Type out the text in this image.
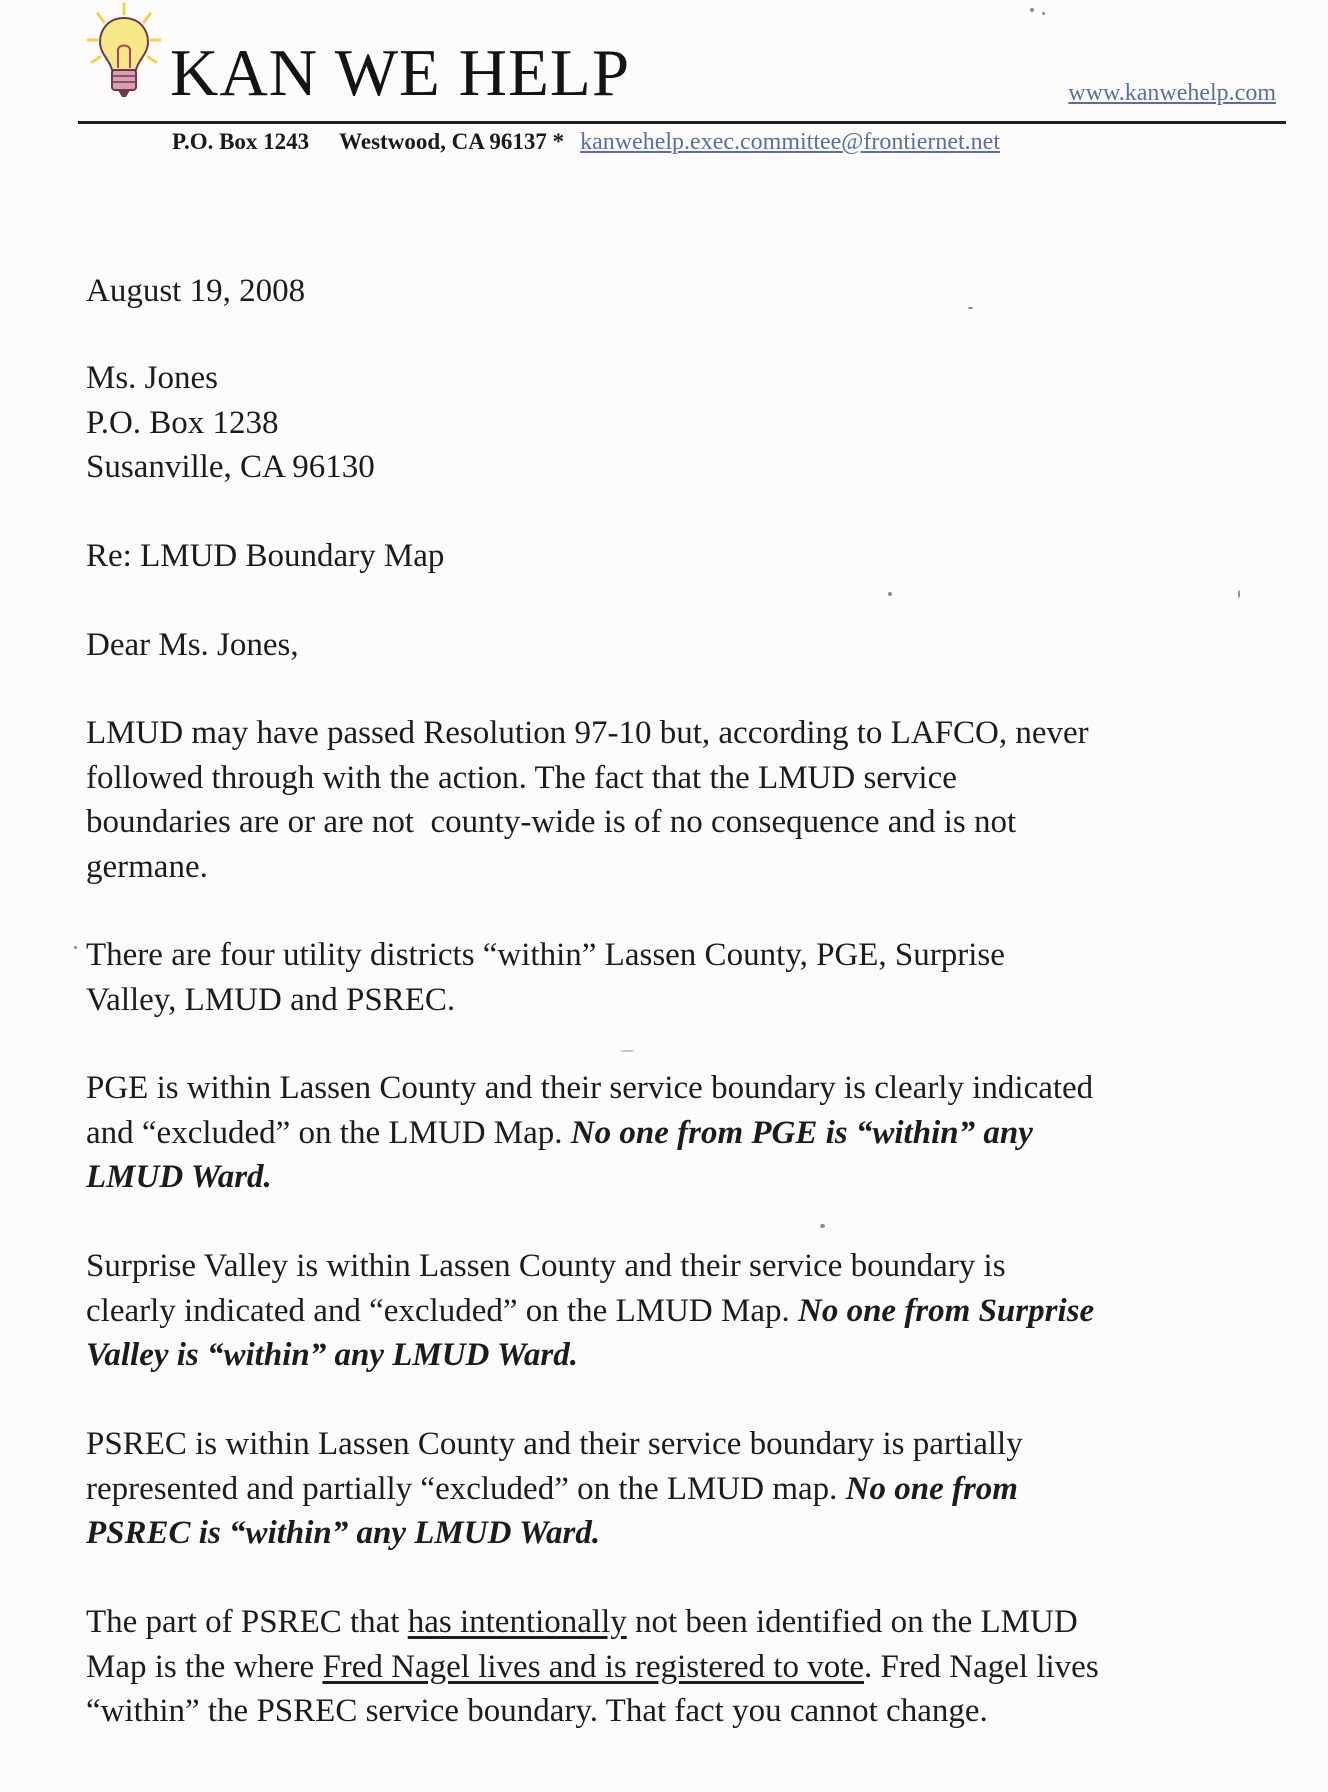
KAN WE HELP	www.kanwehelp.com
P.O. Box 1243 Westwood, CA 96137 * kanwehelp.exec.committee@frontiernet.net
August 19, 2008
Ms. Jones
P.O. Box 1238
Susanville, CA 96130
Re: LMUD Boundary Map
Dear Ms. Jones,
LMUD may have passed Resolution 97-10 but, according to LAFCO, never
followed through with the action. The fact that the LMUD service
boundaries are or are not  county-wide is of no consequence and is not
germane.
There are four utility districts “within” Lassen County, PGE, Surprise
Valley, LMUD and PSREC.
PGE is within Lassen County and their service boundary is clearly indicated
and “excluded” on the LMUD Map. No one from PGE is “within” any
LMUD Ward.
Surprise Valley is within Lassen County and their service boundary is
clearly indicated and “excluded” on the LMUD Map. No one from Surprise
Valley is “within” any LMUD Ward.
PSREC is within Lassen County and their service boundary is partially
represented and partially “excluded” on the LMUD map. No one from
PSREC is “within” any LMUD Ward.
The part of PSREC that has intentionally not been identified on the LMUD
Map is the where Fred Nagel lives and is registered to vote. Fred Nagel lives
“within” the PSREC service boundary. That fact you cannot change.
